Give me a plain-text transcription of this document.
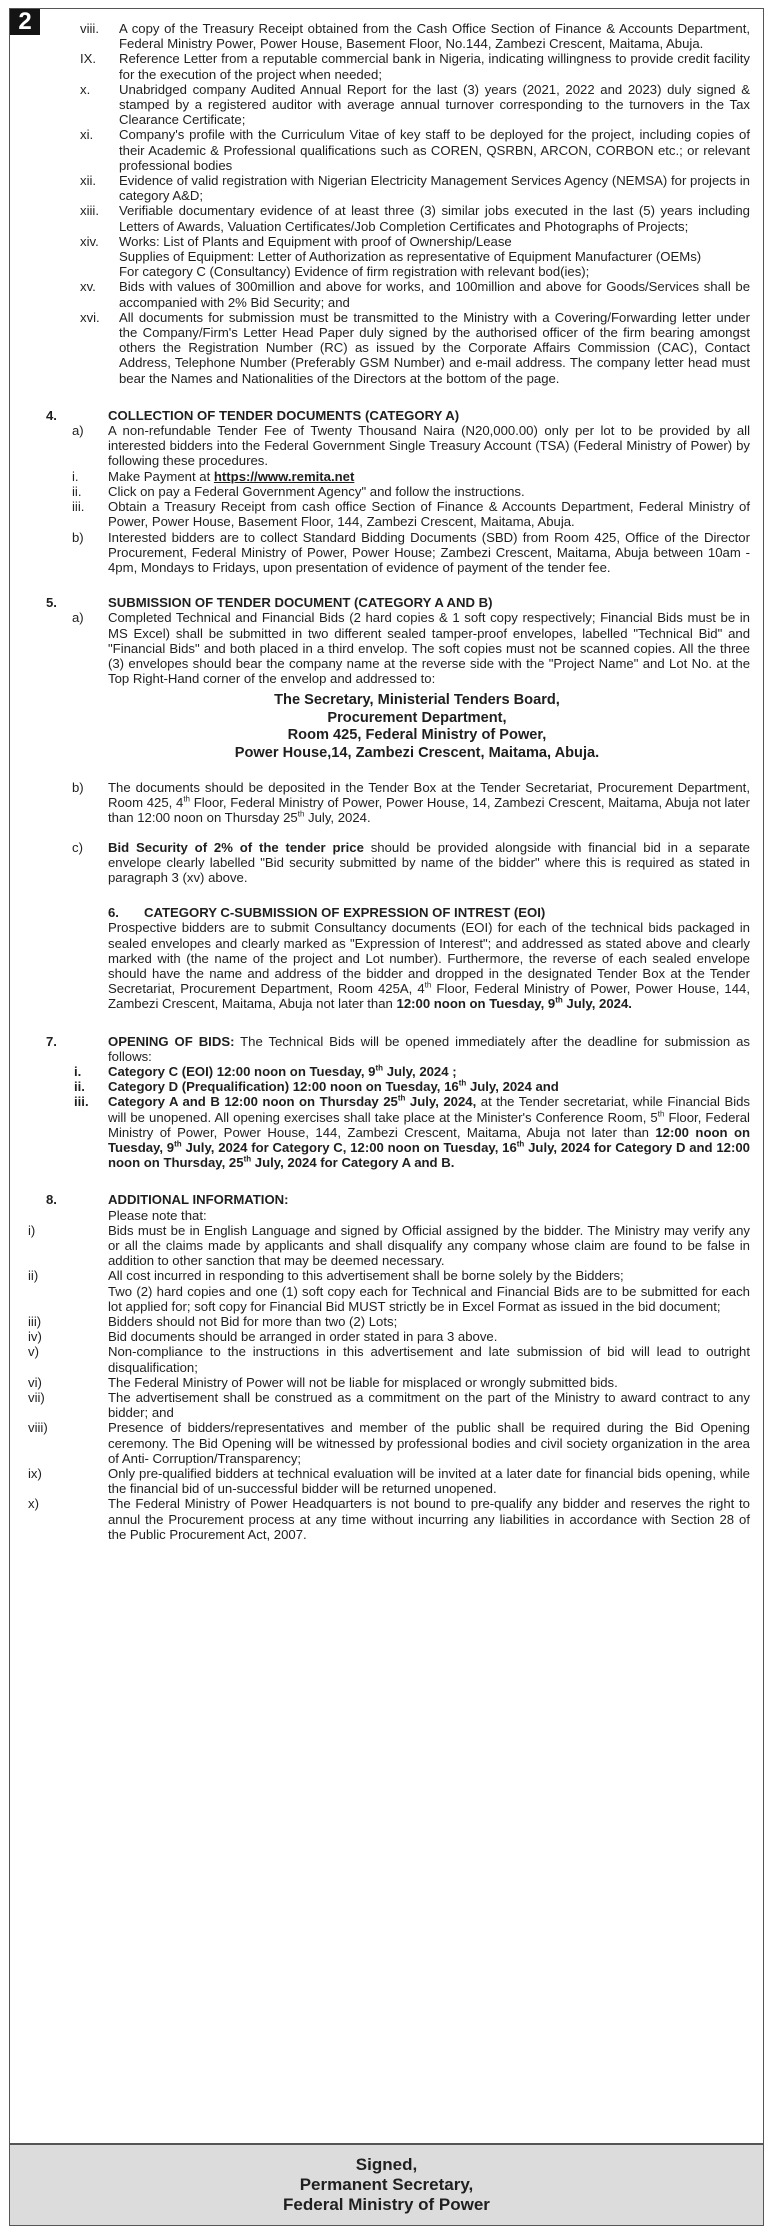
2	viii.	A copy of the Treasury Receipt obtained from the Cash Office Section of Finance & Accounts Department, Federal Ministry Power, Power House, Basement Floor, No.144, Zambezi Crescent, Maitama, Abuja.
IX.	Reference Letter from a reputable commercial bank in Nigeria, indicating willingness to provide credit facility for the execution of the project when needed;
x.	Unabridged company Audited Annual Report for the last (3) years (2021, 2022 and 2023) duly signed & stamped by a registered auditor with average annual turnover corresponding to the turnovers in the Tax Clearance Certificate;
xi.	Company's profile with the Curriculum Vitae of key staff to be deployed for the project, including copies of their Academic & Professional qualifications such as COREN, QSRBN, ARCON, CORBON etc.; or relevant professional bodies
xii.	Evidence of valid registration with Nigerian Electricity Management Services Agency (NEMSA) for projects in category A&D;
xiii.	Verifiable documentary evidence of at least three (3) similar jobs executed in the last (5) years including Letters of Awards, Valuation Certificates/Job Completion Certificates and Photographs of Projects;
xiv.	Works: List of Plants and Equipment with proof of Ownership/Lease

Supplies of Equipment: Letter of Authorization as representative of Equipment Manufacturer (OEMs)

For category C (Consultancy) Evidence of firm registration with relevant bod(ies);

xv.	Bids with values of 300million and above for works, and 100million and above for Goods/Services shall be accompanied with 2% Bid Security; and
xvi.	All documents for submission must be transmitted to the Ministry with a Covering/Forwarding letter under the Company/Firm's Letter Head Paper duly signed by the authorised officer of the firm bearing amongst others the Registration Number (RC) as issued by the Corporate Affairs Commission (CAC), Contact Address, Telephone Number (Preferably GSM Number) and e-mail address. The company letter head must bear the Names and Nationalities of the Directors at the bottom of the page.
4.	COLLECTION OF TENDER DOCUMENTS (CATEGORY A)
a)	A non-refundable Tender Fee of Twenty Thousand Naira (N20,000.00) only per lot to be provided by all interested bidders into the Federal Government Single Treasury Account (TSA) (Federal Ministry of Power) by following these procedures.
i.	Make Payment at https://www.remita.net
ii.	Click on pay a Federal Government Agency" and follow the instructions.
iii.	Obtain a Treasury Receipt from cash office Section of Finance & Accounts Department, Federal Ministry of Power, Power House, Basement Floor, 144, Zambezi Crescent, Maitama, Abuja.
b)	Interested bidders are to collect Standard Bidding Documents (SBD) from Room 425, Office of the Director Procurement, Federal Ministry of Power, Power House; Zambezi Crescent, Maitama, Abuja between 10am - 4pm, Mondays to Fridays, upon presentation of evidence of payment of the tender fee.
5.	SUBMISSION OF TENDER DOCUMENT (CATEGORY A AND B)
a)	Completed Technical and Financial Bids (2 hard copies & 1 soft copy respectively; Financial Bids must be in MS Excel) shall be submitted in two different sealed tamper-proof envelopes, labelled "Technical Bid" and "Financial Bids" and both placed in a third envelop. The soft copies must not be scanned copies. All the three (3) envelopes should bear the company name at the reverse side with the "Project Name" and Lot No. at the Top Right-Hand corner of the envelop and addressed to:
The Secretary, Ministerial Tenders Board,
Procurement Department,
Room 425, Federal Ministry of Power,
Power House,14, Zambezi Crescent, Maitama, Abuja.
b)	The documents should be deposited in the Tender Box at the Tender Secretariat, Procurement Department, Room 425, 4th Floor, Federal Ministry of Power, Power House, 14, Zambezi Crescent, Maitama, Abuja not later than 12:00 noon on Thursday 25th July, 2024.
c)	Bid Security of 2% of the tender price should be provided alongside with financial bid in a separate envelope clearly labelled "Bid security submitted by name of the bidder" where this is required as stated in paragraph 3 (xv) above.
6.	CATEGORY C-SUBMISSION OF EXPRESSION OF INTREST (EOI)
Prospective bidders are to submit Consultancy documents (EOI) for each of the technical bids packaged in sealed envelopes and clearly marked as "Expression of Interest"; and addressed as stated above and clearly marked with (the name of the project and Lot number). Furthermore, the reverse of each sealed envelope should have the name and address of the bidder and dropped in the designated Tender Box at the Tender Secretariat, Procurement Department, Room 425A, 4th Floor, Federal Ministry of Power, Power House, 144, Zambezi Crescent, Maitama, Abuja not later than 12:00 noon on Tuesday, 9th July, 2024.
7.	OPENING OF BIDS: The Technical Bids will be opened immediately after the deadline for submission as follows:
i.	Category C (EOI) 12:00 noon on Tuesday, 9th July, 2024 ;
ii.	Category D (Prequalification) 12:00 noon on Tuesday, 16th July, 2024 and
iii.	Category A and B 12:00 noon on Thursday 25th July, 2024, at the Tender secretariat, while Financial Bids will be unopened. All opening exercises shall take place at the Minister's Conference Room, 5th Floor, Federal Ministry of Power, Power House, 144, Zambezi Crescent, Maitama, Abuja not later than 12:00 noon on Tuesday, 9th July, 2024 for Category C, 12:00 noon on Tuesday, 16th July, 2024 for Category D and 12:00 noon on Thursday, 25th July, 2024 for Category A and B.
8.	ADDITIONAL INFORMATION:
Please note that:
i)	Bids must be in English Language and signed by Official assigned by the bidder. The Ministry may verify any or all the claims made by applicants and shall disqualify any company whose claim are found to be false in addition to other sanction that may be deemed necessary.
ii)	All cost incurred in responding to this advertisement shall be borne solely by the Bidders;

Two (2) hard copies and one (1) soft copy each for Technical and Financial Bids are to be submitted for each lot applied for; soft copy for Financial Bid MUST strictly be in Excel Format as issued in the bid document;

iii)	Bidders should not Bid for more than two (2) Lots;
iv)	Bid documents should be arranged in order stated in para 3 above.
v)	Non-compliance to the instructions in this advertisement and late submission of bid will lead to outright disqualification;
vi)	The Federal Ministry of Power will not be liable for misplaced or wrongly submitted bids.
vii)	The advertisement shall be construed as a commitment on the part of the Ministry to award contract to any bidder; and
viii)	Presence of bidders/representatives and member of the public shall be required during the Bid Opening ceremony. The Bid Opening will be witnessed by professional bodies and civil society organization in the area of Anti- Corruption/Transparency;
ix)	Only pre-qualified bidders at technical evaluation will be invited at a later date for financial bids opening, while the financial bid of un-successful bidder will be returned unopened.
x)	The Federal Ministry of Power Headquarters is not bound to pre-qualify any bidder and reserves the right to annul the Procurement process at any time without incurring any liabilities in accordance with Section 28 of the Public Procurement Act, 2007.
Signed,
Permanent Secretary,
Federal Ministry of Power
